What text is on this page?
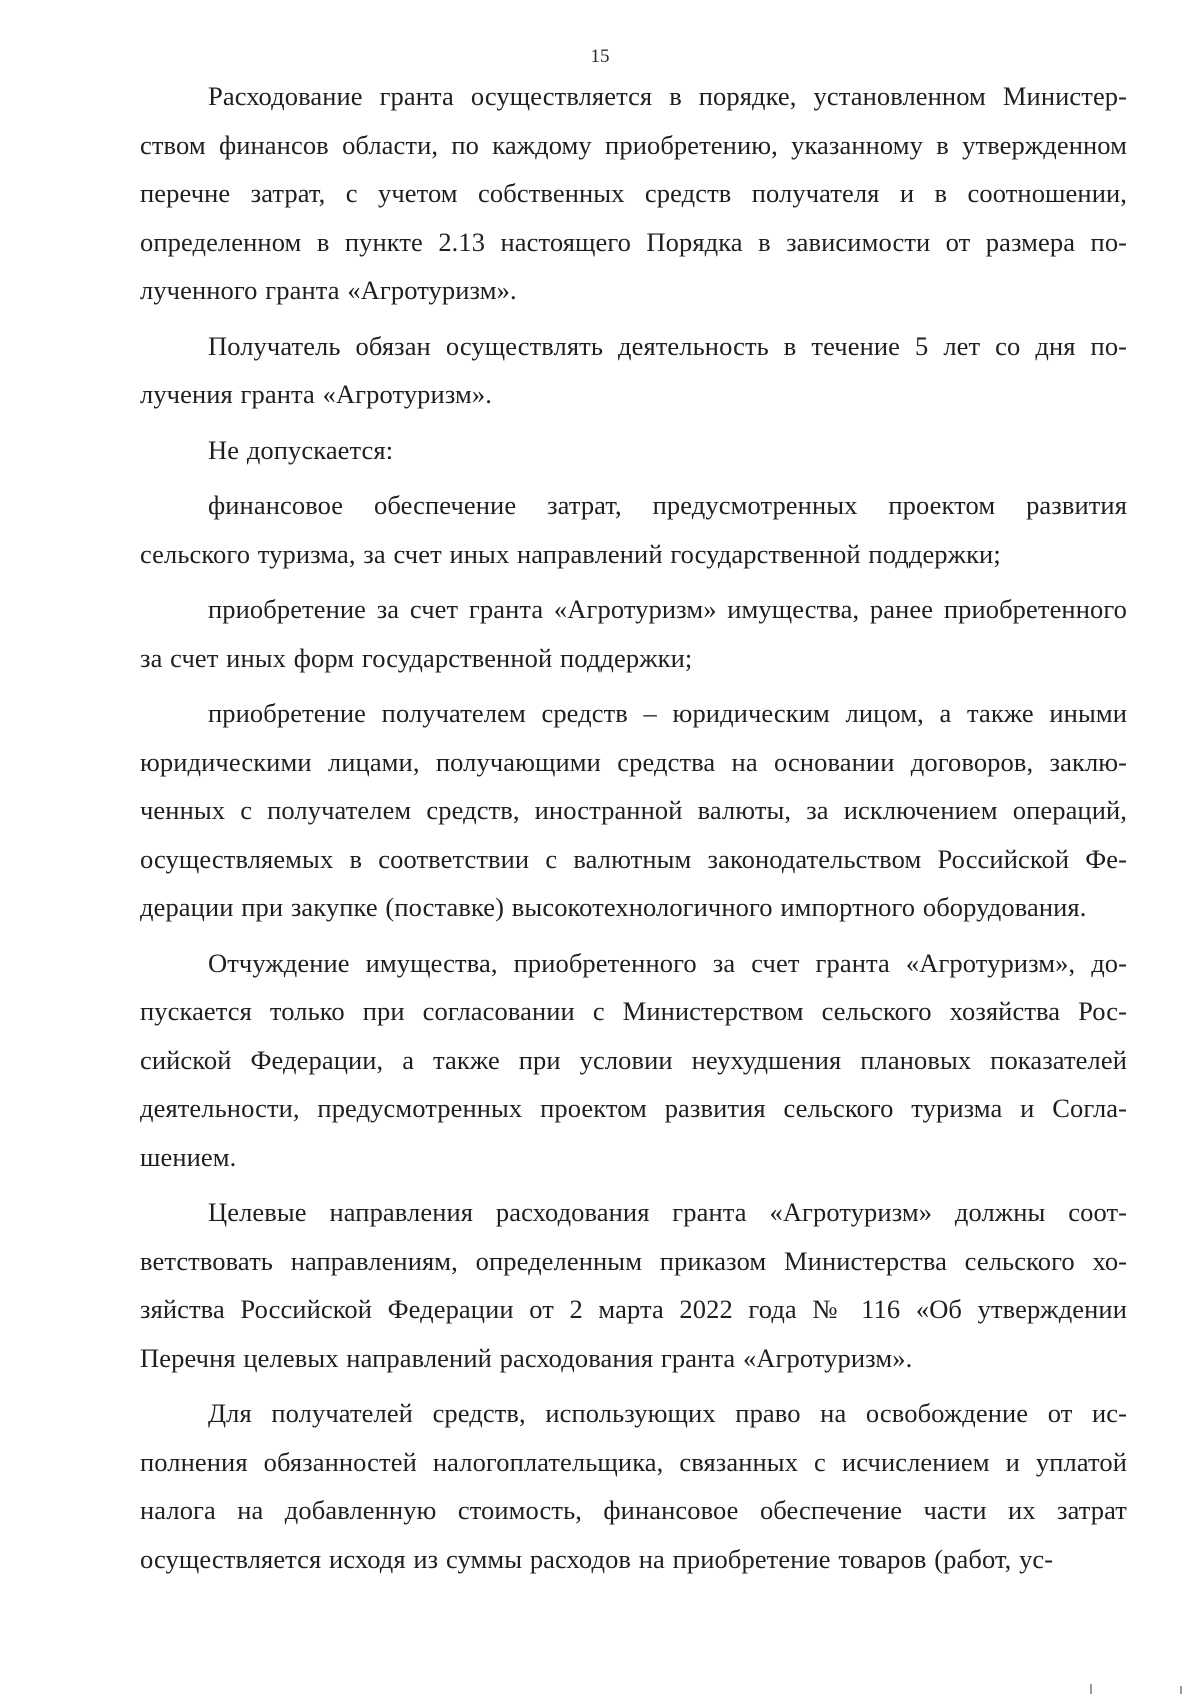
15

Расходование гранта осуществляется в порядке, установленном Министерством финансов области, по каждому приобретению, указанному в утвержденном перечне затрат, с учетом собственных средств получателя и в соотношении, определенном в пункте 2.13 настоящего Порядка в зависимости от размера полученного гранта «Агротуризм».

Получатель обязан осуществлять деятельность в течение 5 лет со дня получения гранта «Агротуризм».

Не допускается:

финансовое обеспечение затрат, предусмотренных проектом развития сельского туризма, за счет иных направлений государственной поддержки;

приобретение за счет гранта «Агротуризм» имущества, ранее приобретенного за счет иных форм государственной поддержки;

приобретение получателем средств – юридическим лицом, а также иными юридическими лицами, получающими средства на основании договоров, заключенных с получателем средств, иностранной валюты, за исключением операций, осуществляемых в соответствии с валютным законодательством Российской Федерации при закупке (поставке) высокотехнологичного импортного оборудования.

Отчуждение имущества, приобретенного за счет гранта «Агротуризм», допускается только при согласовании с Министерством сельского хозяйства Российской Федерации, а также при условии неухудшения плановых показателей деятельности, предусмотренных проектом развития сельского туризма и Соглашением.

Целевые направления расходования гранта «Агротуризм» должны соответствовать направлениям, определенным приказом Министерства сельского хозяйства Российской Федерации от 2 марта 2022 года № 116 «Об утверждении Перечня целевых направлений расходования гранта «Агротуризм».

Для получателей средств, использующих право на освобождение от исполнения обязанностей налогоплательщика, связанных с исчислением и уплатой налога на добавленную стоимость, финансовое обеспечение части их затрат осуществляется исходя из суммы расходов на приобретение товаров (работ, ус-
